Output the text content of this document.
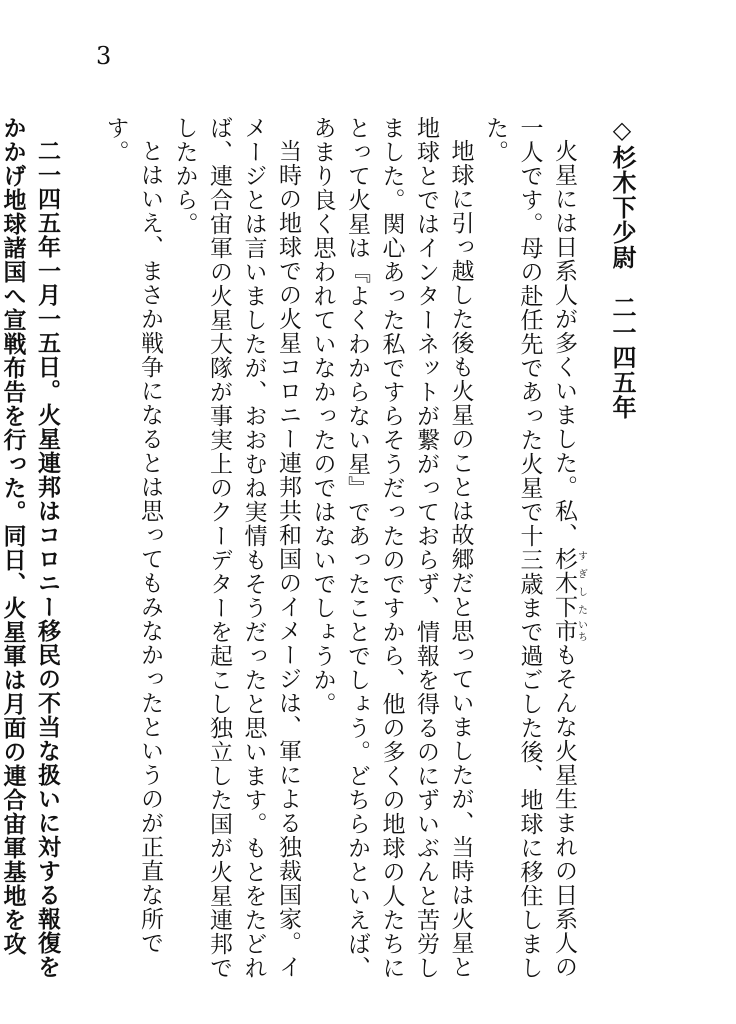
3
◇杉木下少尉　二一四五年

火星には日系人が多くいました。私、杉木下すぎした市いちもそんな火星生まれの日系人の一人です。母の赴任先であった火星で十三歳まで過ごした後、地球に移住しました。

地球に引っ越した後も火星のことは故郷だと思っていましたが、当時は火星と地球とではインターネットが繋がっておらず、情報を得るのにずいぶんと苦労しました。関心あった私ですらそうだったのですから、他の多くの地球の人たちにとって火星は『よくわからない星』であったことでしょう。どちらかといえば、あまり良く思われていなかったのではないでしょうか。

当時の地球での火星コロニー連邦共和国のイメージは、軍による独裁国家。イメージとは言いましたが、おおむね実情もそうだったと思います。もとをたどれば、連合宙軍の火星大隊が事実上のクーデターを起こし独立した国が火星連邦でしたから。

とはいえ、まさか戦争になるとは思ってもみなかったというのが正直な所です。

二一四五年一月一五日。火星連邦はコロニー移民の不当な扱いに対する報復をかかげ地球諸国へ宣戦布告を行った。同日、火星軍は月面の連合宙軍基地を攻
